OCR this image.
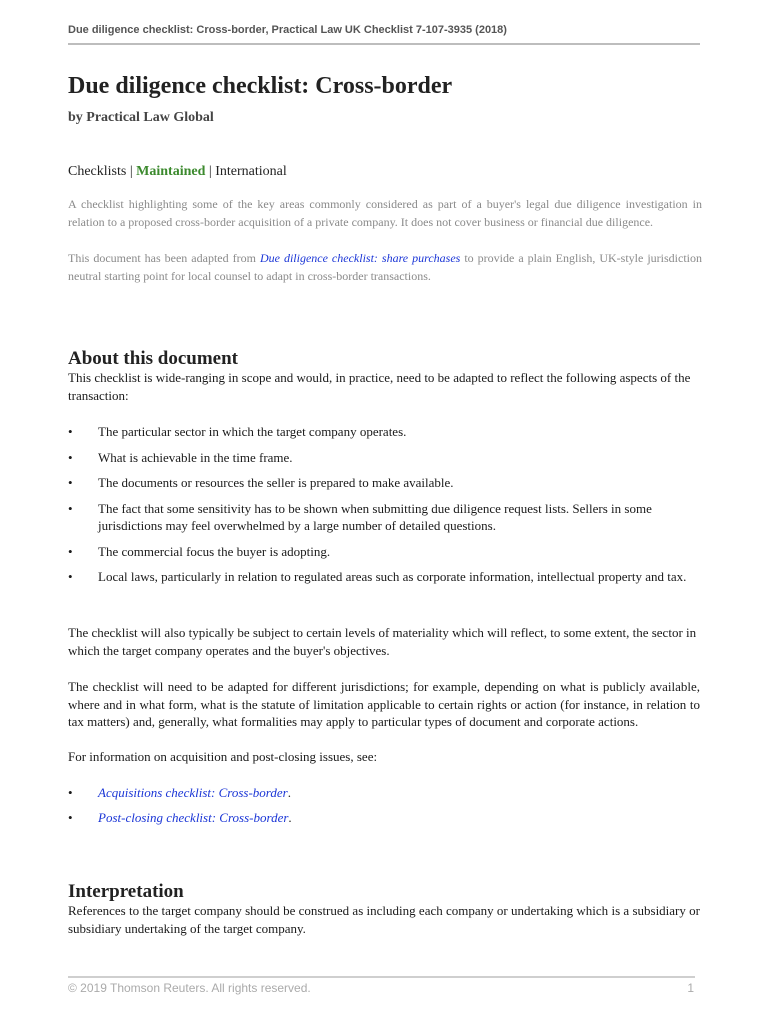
Due diligence checklist: Cross-border, Practical Law UK Checklist 7-107-3935 (2018)
Due diligence checklist: Cross-border
by Practical Law Global
Checklists | Maintained | International

A checklist highlighting some of the key areas commonly considered as part of a buyer's legal due diligence investigation in relation to a proposed cross-border acquisition of a private company. It does not cover business or financial due diligence.

This document has been adapted from Due diligence checklist: share purchases to provide a plain English, UK-style jurisdiction neutral starting point for local counsel to adapt in cross-border transactions.

About this document

This checklist is wide-ranging in scope and would, in practice, need to be adapted to reflect the following aspects of the transaction:

• The particular sector in which the target company operates.
• What is achievable in the time frame.
• The documents or resources the seller is prepared to make available.
• The fact that some sensitivity has to be shown when submitting due diligence request lists. Sellers in some jurisdictions may feel overwhelmed by a large number of detailed questions.
• The commercial focus the buyer is adopting.
• Local laws, particularly in relation to regulated areas such as corporate information, intellectual property and tax.

The checklist will also typically be subject to certain levels of materiality which will reflect, to some extent, the sector in which the target company operates and the buyer's objectives.

The checklist will need to be adapted for different jurisdictions; for example, depending on what is publicly available, where and in what form, what is the statute of limitation applicable to certain rights or action (for instance, in relation to tax matters) and, generally, what formalities may apply to particular types of document and corporate actions.

For information on acquisition and post-closing issues, see:

• Acquisitions checklist: Cross-border.
• Post-closing checklist: Cross-border.
Interpretation

References to the target company should be construed as including each company or undertaking which is a subsidiary or subsidiary undertaking of the target company.

© 2019 Thomson Reuters. All rights reserved.	1
